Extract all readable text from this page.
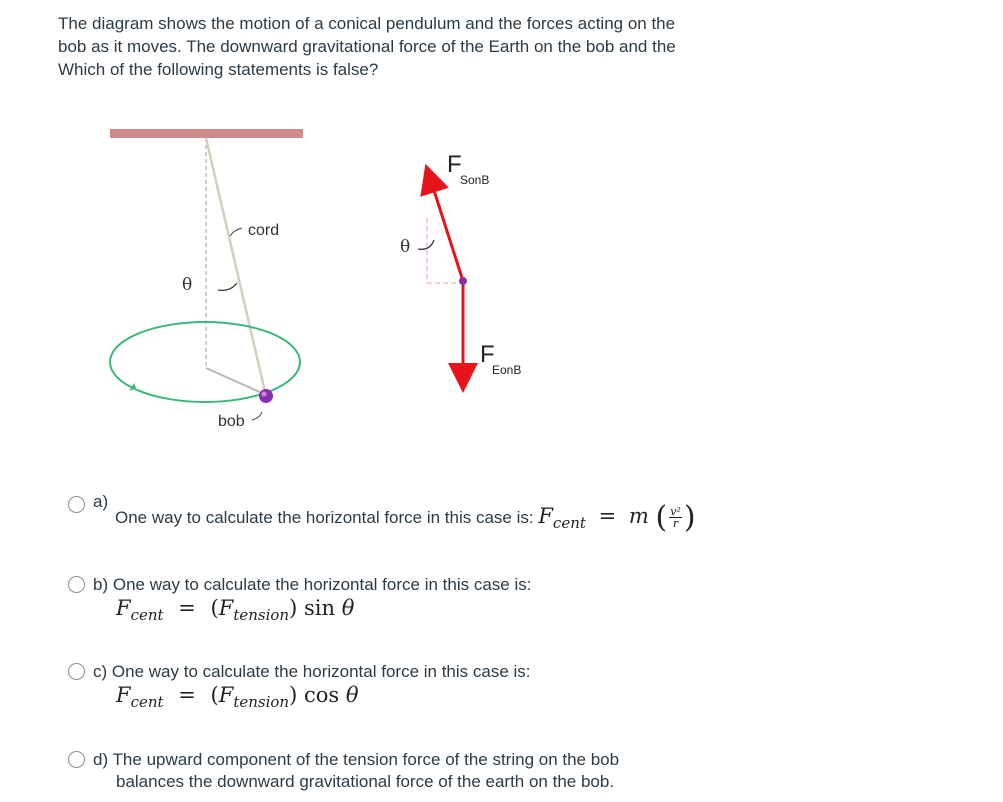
The diagram shows the motion of a conical pendulum and the forces acting on the
bob as it moves. The downward gravitational force of the Earth on the bob and the
Which of the following statements is false?
cord
bob
θ
θ
F SonB
F EonB
a)
One way to calculate the horizontal force in this case is: $F_{cent} = m$ ( $\frac{\text{v²}}{r}$ )
b) One way to calculate the horizontal force in this case is:
$F_{cent} = (F_{tension})$ sin θ
c) One way to calculate the horizontal force in this case is:
$F_{cent} = (F_{tension})$ cos θ
d) The upward component of the tension force of the string on the bob
balances the downward gravitational force of the earth on the bob.
